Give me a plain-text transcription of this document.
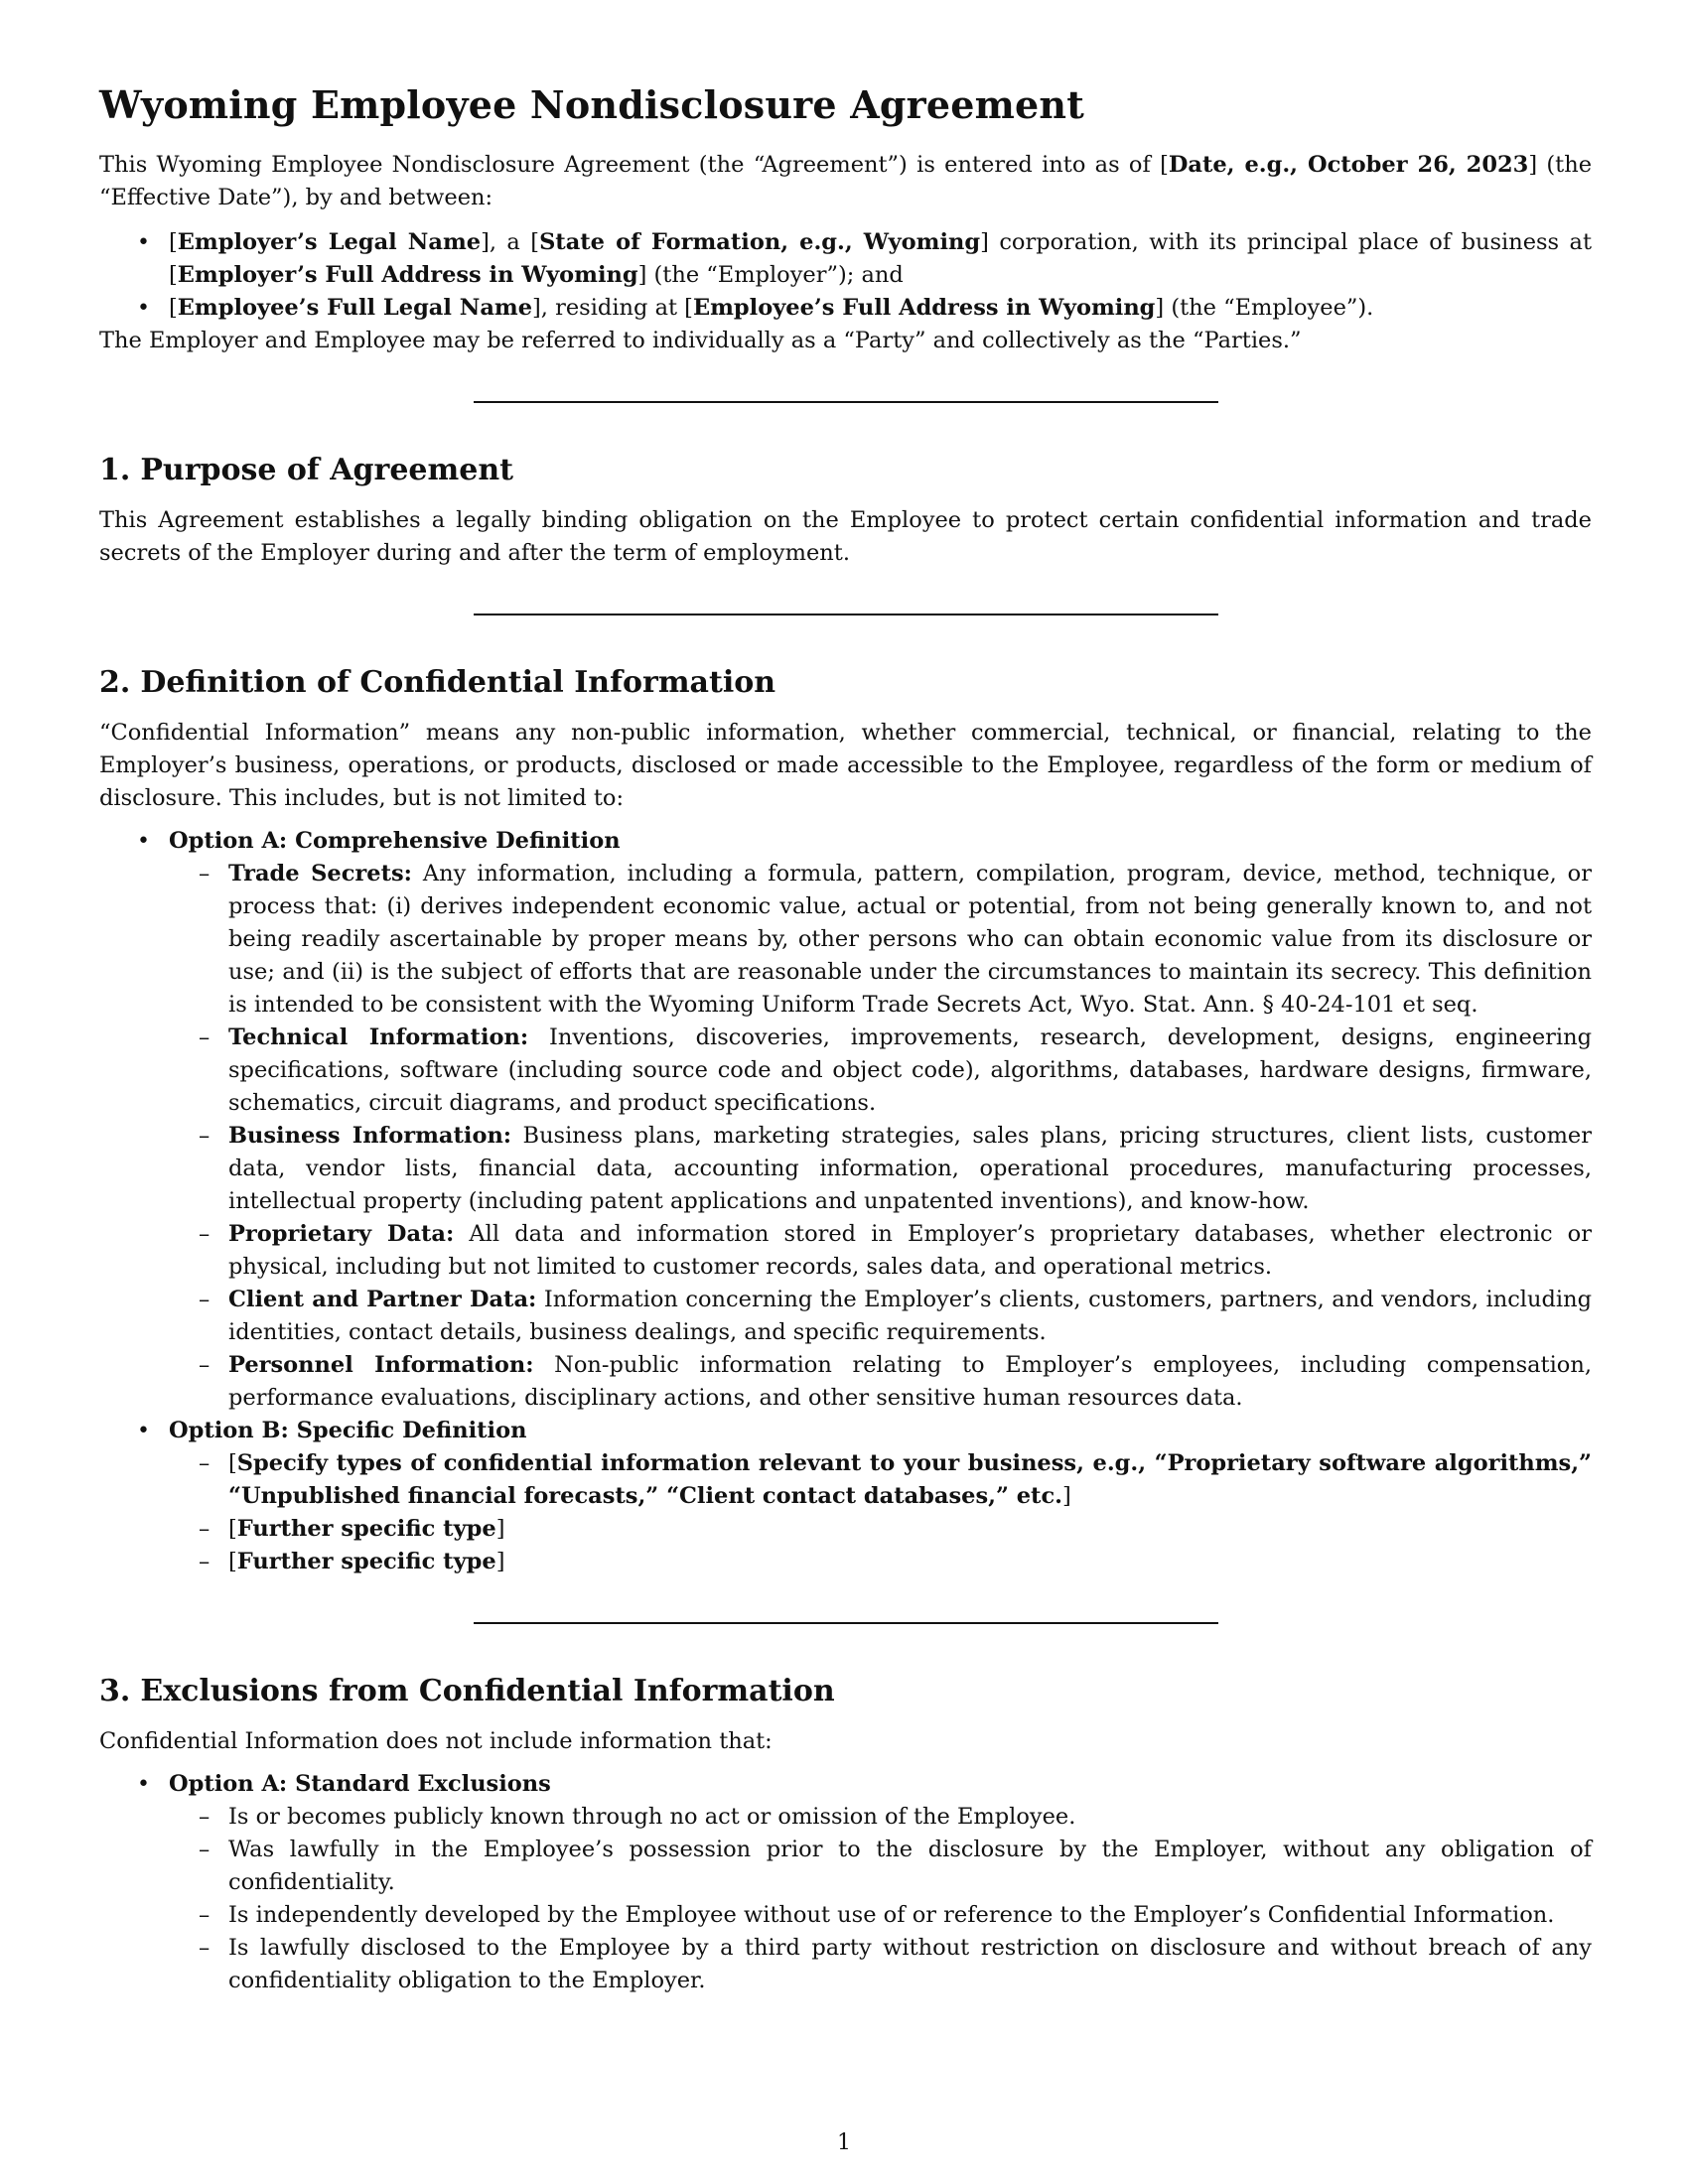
Wyoming Employee Nondisclosure Agreement

This Wyoming Employee Nondisclosure Agreement (the “Agreement”) is entered into as of [Date, e.g., October 26, 2023] (the “Effective Date”), by and between:

• [Employer’s Legal Name], a [State of Formation, e.g., Wyoming] corporation, with its principal place of business at [Employer’s Full Address in Wyoming] (the “Employer”); and
• [Employee’s Full Legal Name], residing at [Employee’s Full Address in Wyoming] (the “Employee”).

The Employer and Employee may be referred to individually as a “Party” and collectively as the “Parties.”

1. Purpose of Agreement

This Agreement establishes a legally binding obligation on the Employee to protect certain confidential information and trade secrets of the Employer during and after the term of employment.

2. Definition of Confidential Information

“Confidential Information” means any non-public information, whether commercial, technical, or financial, relating to the Employer’s business, operations, or products, disclosed or made accessible to the Employee, regardless of the form or medium of disclosure. This includes, but is not limited to:

• Option A: Comprehensive Definition
– Trade Secrets: Any information, including a formula, pattern, compilation, program, device, method, technique, or process that: (i) derives independent economic value, actual or potential, from not being generally known to, and not being readily ascertainable by proper means by, other persons who can obtain economic value from its disclosure or use; and (ii) is the subject of efforts that are reasonable under the circumstances to maintain its secrecy. This definition is intended to be consistent with the Wyoming Uniform Trade Secrets Act, Wyo. Stat. Ann. § 40-24-101 et seq.
– Technical Information: Inventions, discoveries, improvements, research, development, designs, engineering specifications, software (including source code and object code), algorithms, databases, hardware designs, firmware, schematics, circuit diagrams, and product specifications.
– Business Information: Business plans, marketing strategies, sales plans, pricing structures, client lists, customer data, vendor lists, financial data, accounting information, operational procedures, manufacturing processes, intellectual property (including patent applications and unpatented inventions), and know-how.
– Proprietary Data: All data and information stored in Employer’s proprietary databases, whether electronic or physical, including but not limited to customer records, sales data, and operational metrics.
– Client and Partner Data: Information concerning the Employer’s clients, customers, partners, and vendors, including identities, contact details, business dealings, and specific requirements.
– Personnel Information: Non-public information relating to Employer’s employees, including compensation, performance evaluations, disciplinary actions, and other sensitive human resources data.
• Option B: Specific Definition
– [Specify types of confidential information relevant to your business, e.g., “Proprietary software algorithms,” “Unpublished financial forecasts,” “Client contact databases,” etc.]
– [Further specific type]
– [Further specific type]
3. Exclusions from Confidential Information

Confidential Information does not include information that:

• Option A: Standard Exclusions
– Is or becomes publicly known through no act or omission of the Employee.
– Was lawfully in the Employee’s possession prior to the disclosure by the Employer, without any obligation of confidentiality.
– Is independently developed by the Employee without use of or reference to the Employer’s Confidential Information.
– Is lawfully disclosed to the Employee by a third party without restriction on disclosure and without breach of any confidentiality obligation to the Employer.
1
